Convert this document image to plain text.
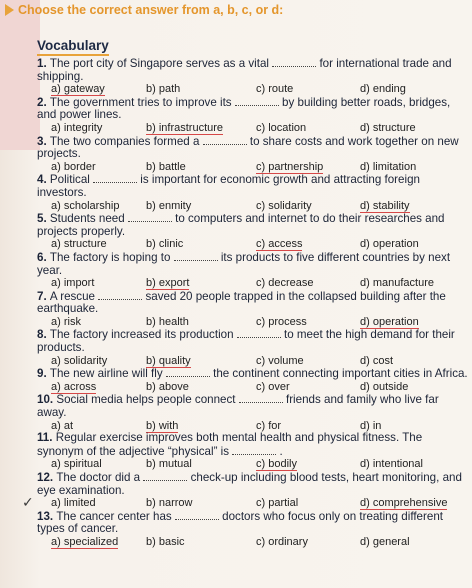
Choose the correct answer from a, b, c, or d:
Vocabulary
✓
1. The port city of Singapore serves as a vital	for international trade and shipping.
a) gateway	b) path	c) route	d) ending
2. The government tries to improve its	by building better roads, bridges, and power lines.
a) integrity	b) infrastructure	c) location	d) structure
3. The two companies formed a	to share costs and work together on new projects.
a) border	b) battle	c) partnership	d) limitation
4. Political	is important for economic growth and attracting foreign investors.
a) scholarship	b) enmity	c) solidarity	d) stability
5. Students need	to computers and internet to do their researches and projects properly.
a) structure	b) clinic	c) access	d) operation
6. The factory is hoping to	its products to five different countries by next year.
a) import	b) export	c) decrease	d) manufacture
7. A rescue	saved 20 people trapped in the collapsed building after the earthquake.
a) risk	b) health	c) process	d) operation
8. The factory increased its production	to meet the high demand for their products.
a) solidarity	b) quality	c) volume	d) cost
9. The new airline will fly	the continent connecting important cities in Africa.
a) across	b) above	c) over	d) outside
10. Social media helps people connect	friends and family who live far away.
a) at	b) with	c) for	d) in
11. Regular exercise improves both mental health and physical fitness. The synonym of the adjective “physical” is	.
a) spiritual	b) mutual	c) bodily	d) intentional
12. The doctor did a	check-up including blood tests, heart monitoring, and eye examination.
a) limited	b) narrow	c) partial	d) comprehensive
13. The cancer center has	doctors who focus only on treating different types of cancer.
a) specialized	b) basic	c) ordinary	d) general
